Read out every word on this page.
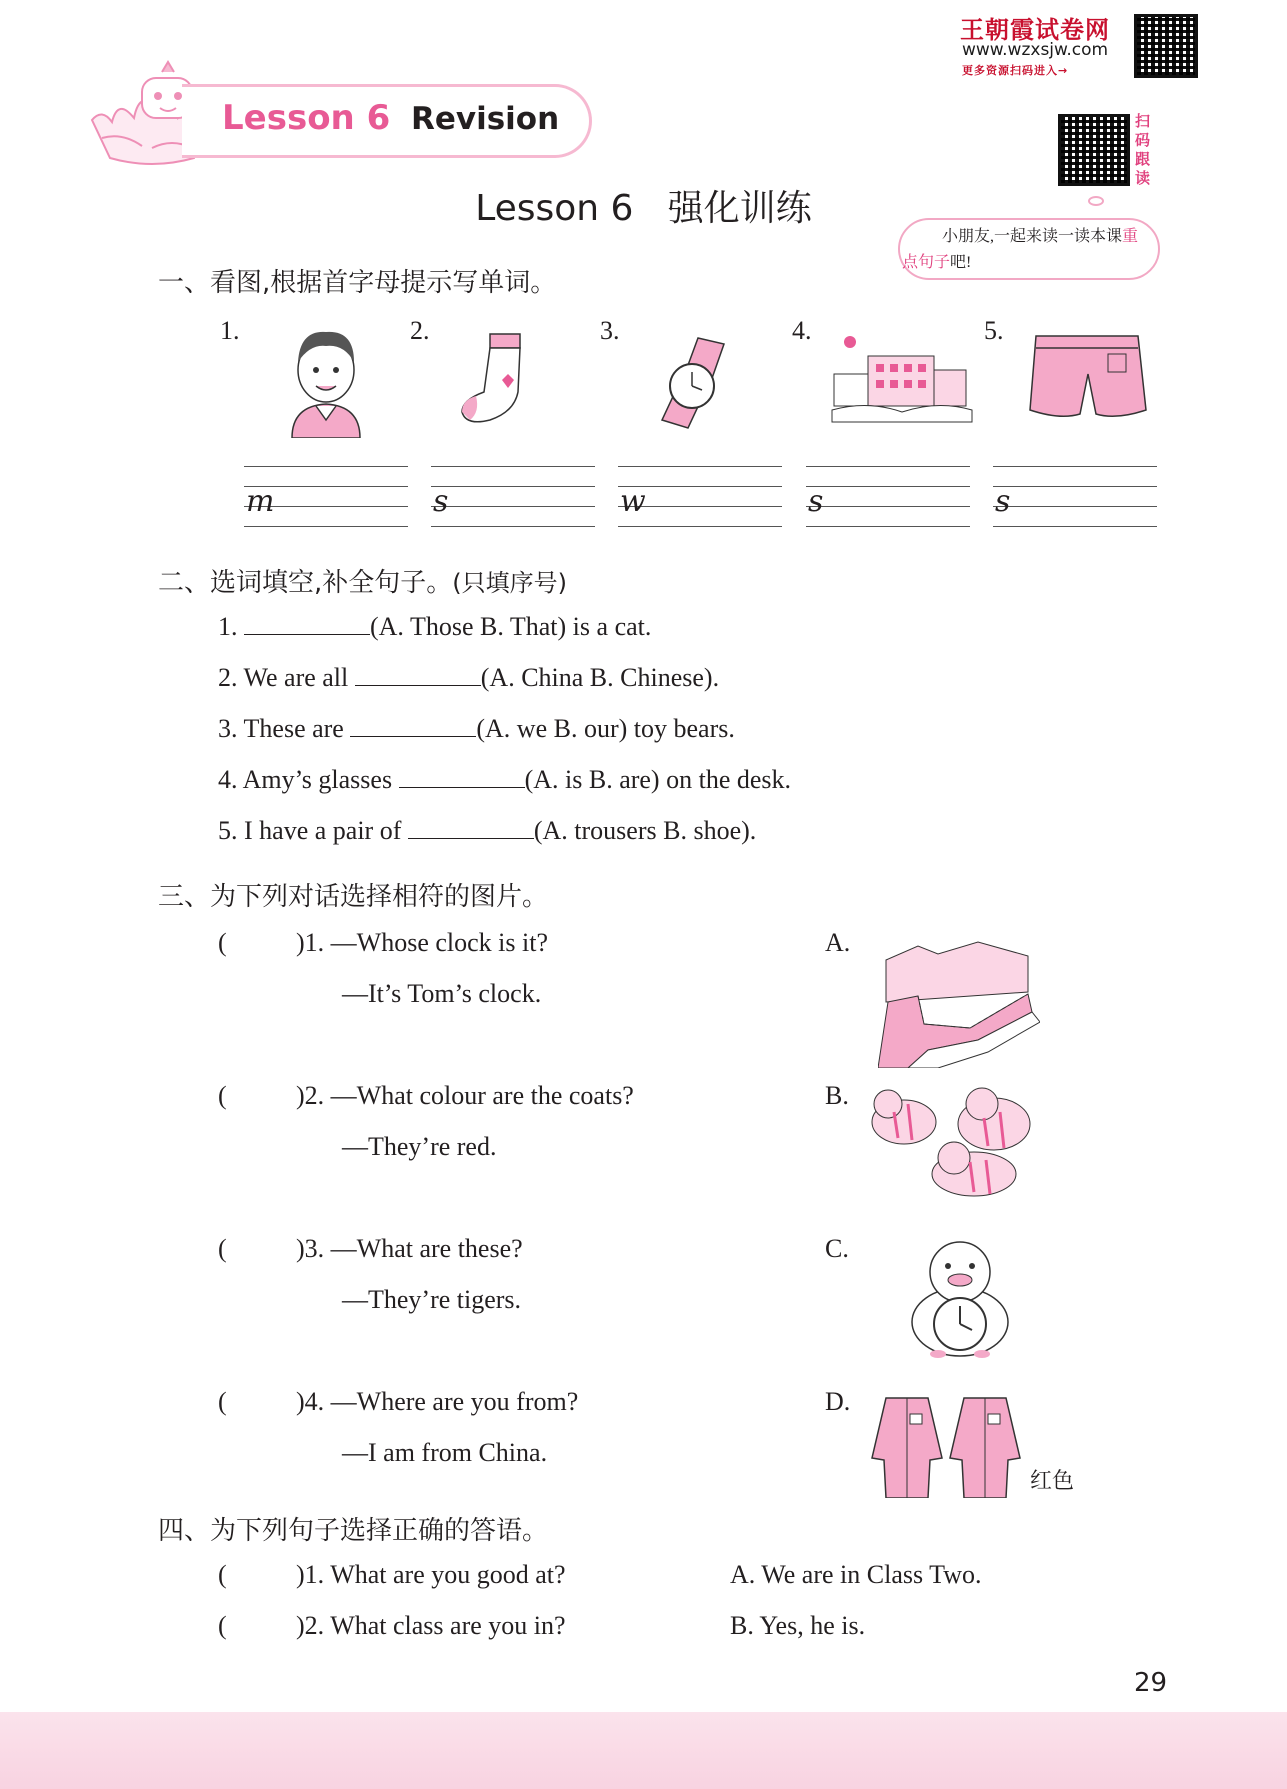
王朝霞试卷网
www.wzxsjw.com
更多资源扫码进入→
扫
码
跟
读
Lesson 6 Revision
Lesson 6   强化训练
小朋友,一起来读一读本课重点句子吧!
一、看图,根据首字母提示写单词。
1.	2.	3.	4.	5.
m	s	w	s	s
二、选词填空,补全句子。(只填序号)
1.	(A. Those B. That) is a cat.
2. We are all	(A. China B. Chinese).
3. These are	(A. we B. our) toy bears.
4. Amy’s glasses	(A. is B. are) on the desk.
5. I have a pair of	(A. trousers B. shoe).
三、为下列对话选择相符的图片。
(	)1. —Whose clock is it?
—It’s Tom’s clock.
(	)2. —What colour are the coats?
—They’re red.
(	)3. —What are these?
—They’re tigers.
(	)4. —Where are you from?
—I am from China.
A.
B.
C.
D.
红色
四、为下列句子选择正确的答语。
(	)1. What are you good at?	A. We are in Class Two.
(	)2. What class are you in?	B. Yes, he is.
29
